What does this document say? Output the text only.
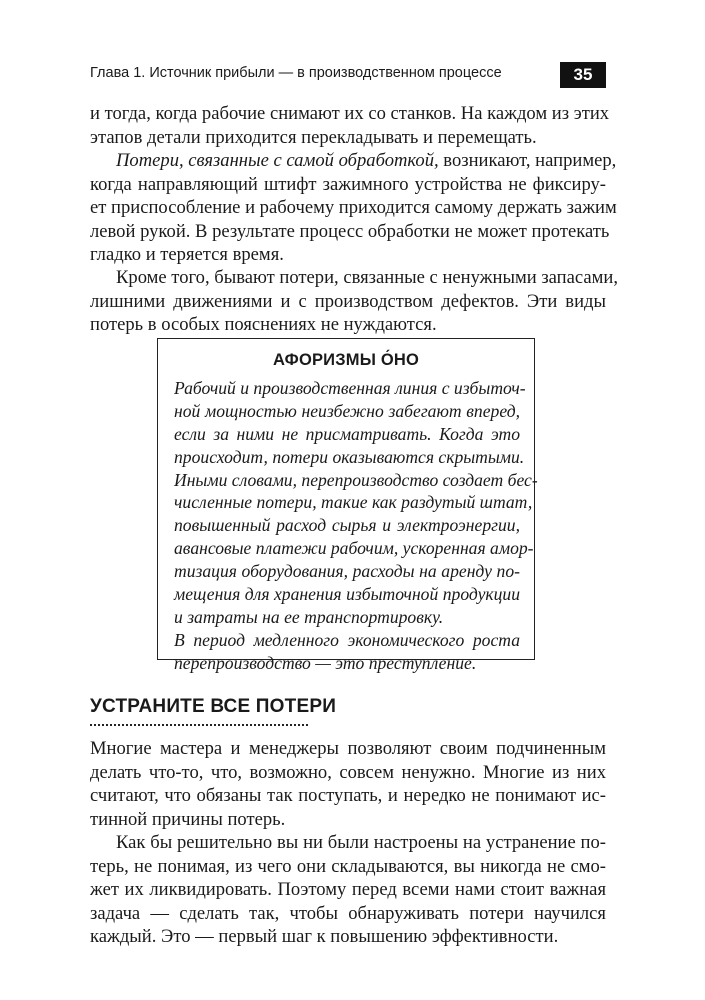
Глава 1. Источник прибыли — в производственном процессе	35
и тогда, когда рабочие снимают их со станков. На каждом из этих
этапов детали приходится перекладывать и перемещать.
Потери, связанные с самой обработкой, возникают, например,
когда направляющий штифт зажимного устройства не фиксиру-
ет приспособление и рабочему приходится самому держать зажим
левой рукой. В результате процесс обработки не может протекать
гладко и теряется время.
Кроме того, бывают потери, связанные с ненужными запасами,
лишними движениями и с производством дефектов. Эти виды
потерь в особых пояснениях не нуждаются.
АФОРИЗМЫ О́НО
Рабочий и производственная линия с избыточ-
ной мощностью неизбежно забегают вперед,
если за ними не присматривать. Когда это
происходит, потери оказываются скрытыми.
Иными словами, перепроизводство создает бес-
численные потери, такие как раздутый штат,
повышенный расход сырья и электроэнергии,
авансовые платежи рабочим, ускоренная амор-
тизация оборудования, расходы на аренду по-
мещения для хранения избыточной продукции
и затраты на ее транспортировку.
В период медленного экономического роста
перепроизводство — это преступление.
УСТРАНИТЕ ВСЕ ПОТЕРИ
Многие мастера и менеджеры позволяют своим подчиненным
делать что-то, что, возможно, совсем ненужно. Многие из них
считают, что обязаны так поступать, и нередко не понимают ис-
тинной причины потерь.
Как бы решительно вы ни были настроены на устранение по-
терь, не понимая, из чего они складываются, вы никогда не смо-
жет их ликвидировать. Поэтому перед всеми нами стоит важная
задача — сделать так, чтобы обнаруживать потери научился
каждый. Это — первый шаг к повышению эффективности.
